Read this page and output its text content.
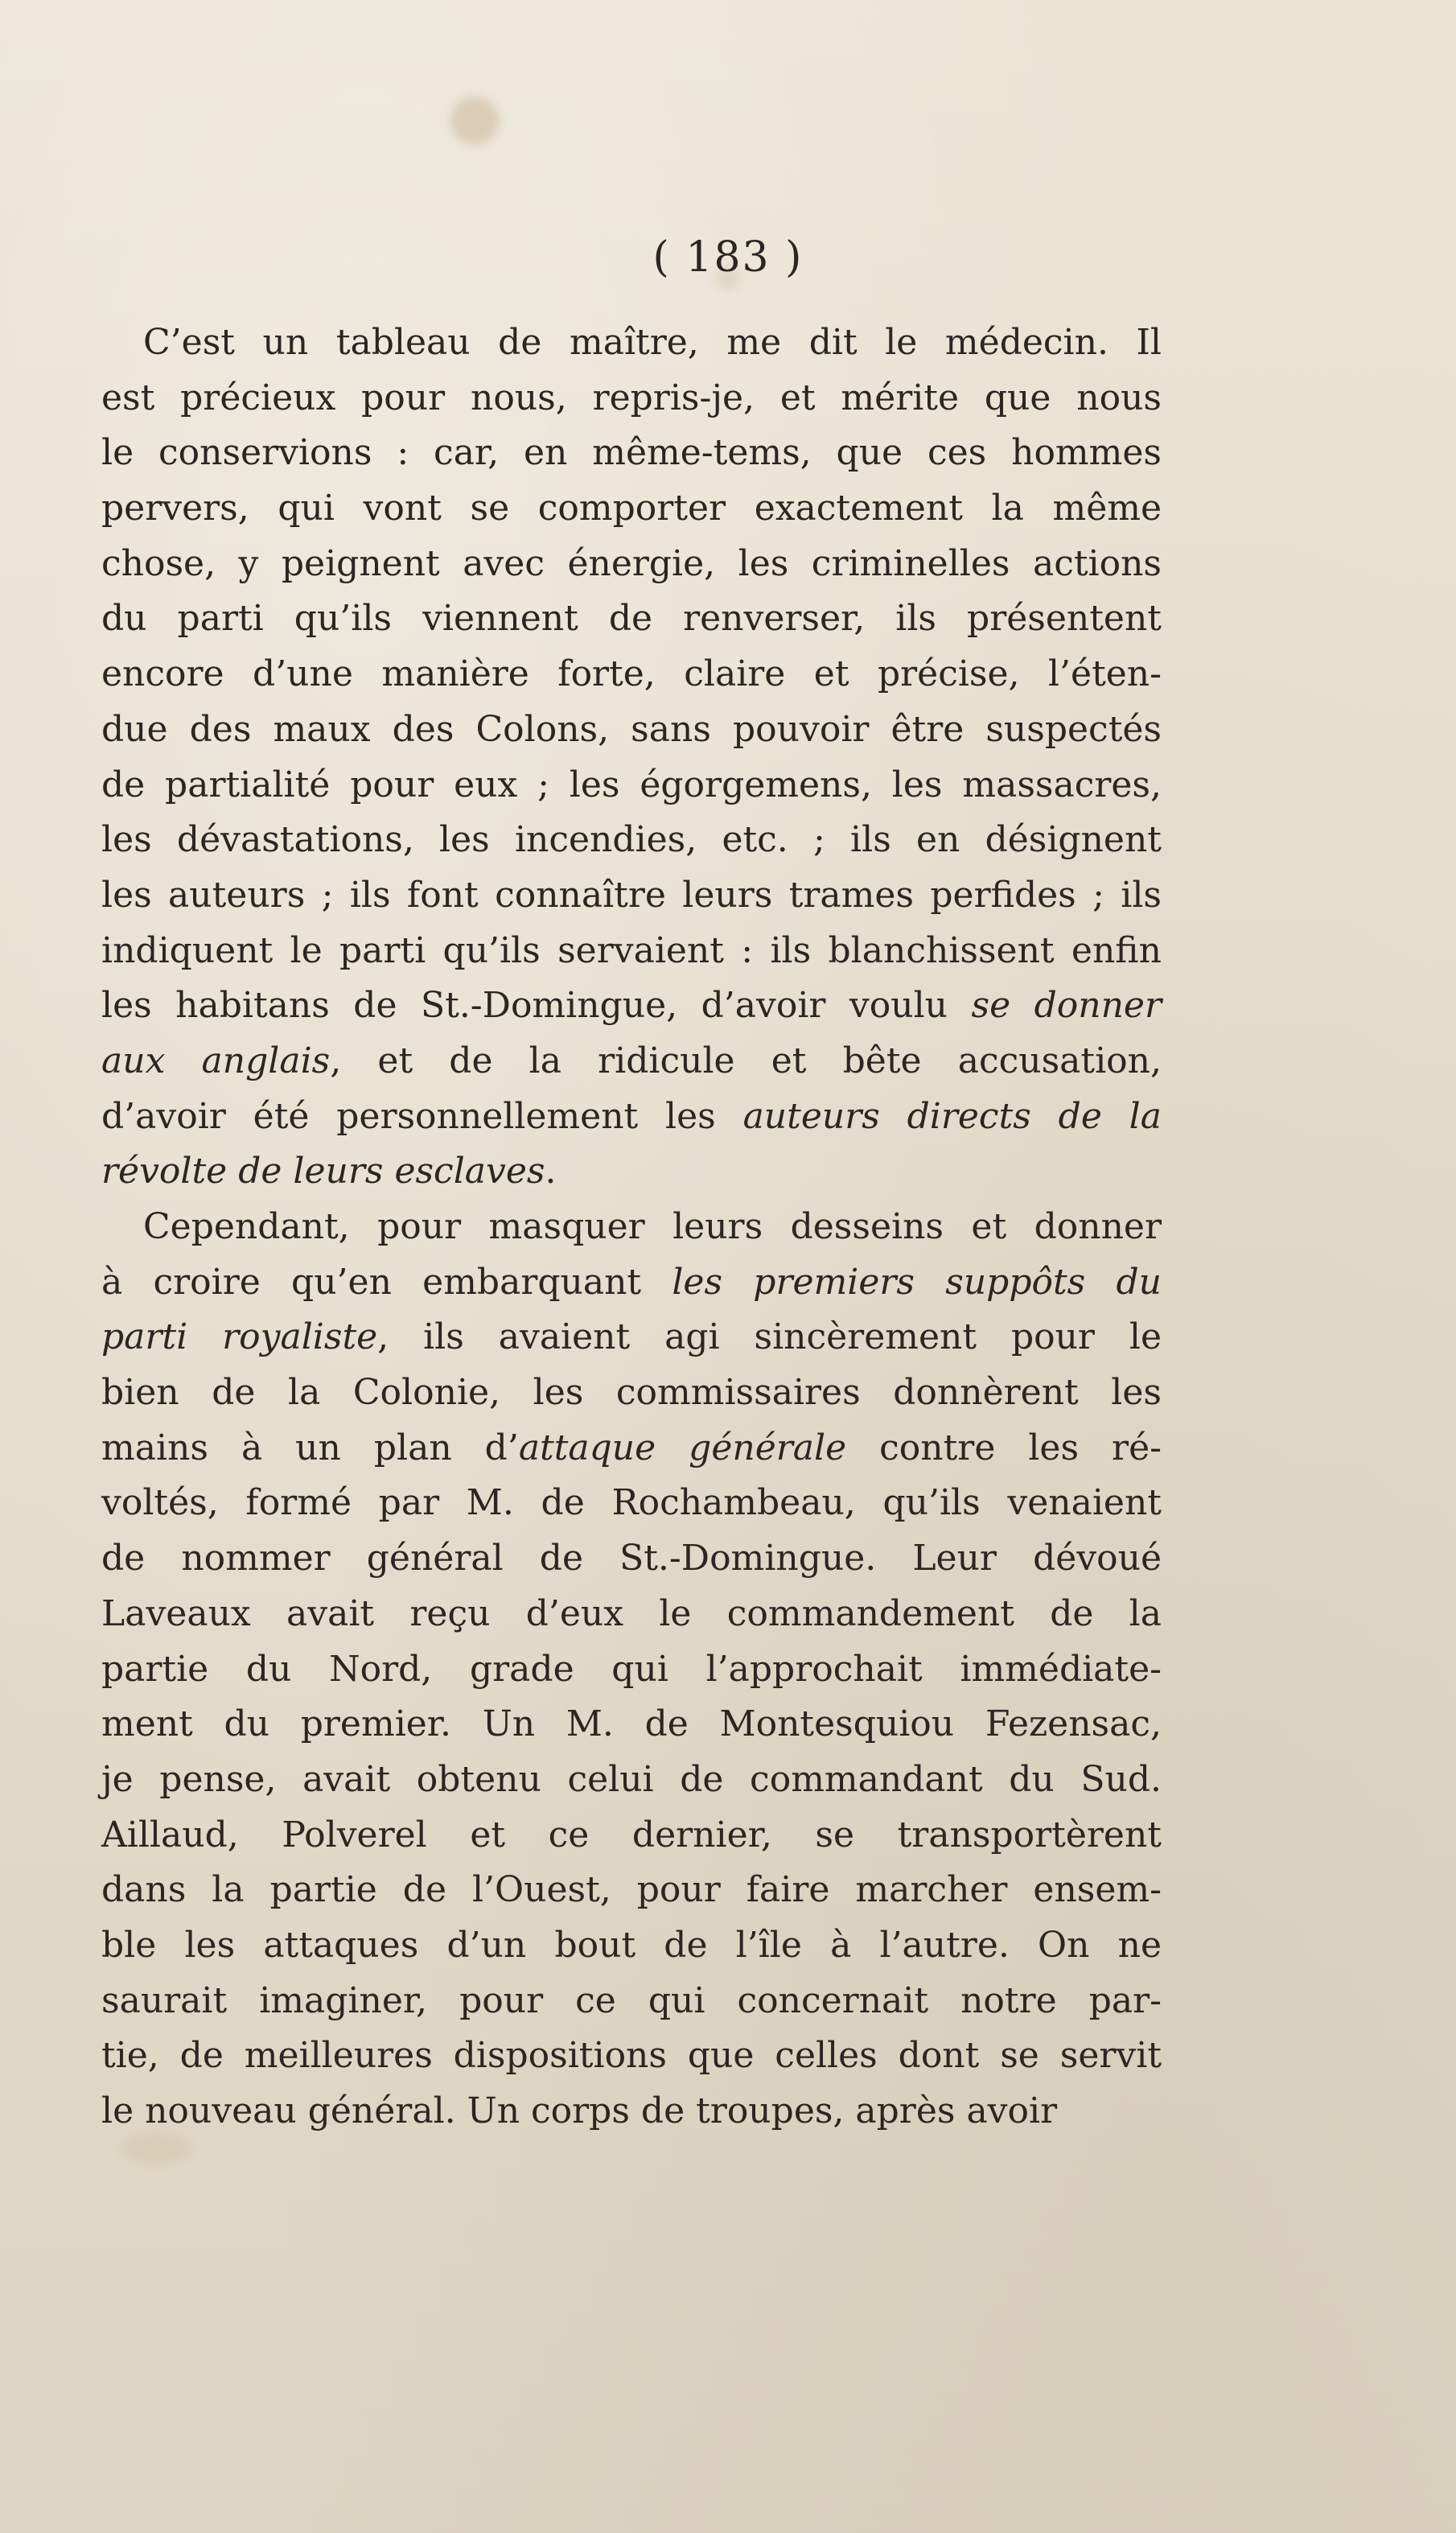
( 183 )
C’est un tableau de maître, me dit le médecin. Il
est précieux pour nous, repris-je, et mérite que nous
le conservions : car, en même-tems, que ces hommes
pervers, qui vont se comporter exactement la même
chose, y peignent avec énergie, les criminelles actions
du parti qu’ils viennent de renverser, ils présentent
encore d’une manière forte, claire et précise, l’éten-
due des maux des Colons, sans pouvoir être suspectés
de partialité pour eux ; les égorgemens, les massacres,
les dévastations, les incendies, etc. ; ils en désignent
les auteurs ; ils font connaître leurs trames perfides ; ils
indiquent le parti qu’ils servaient : ils blanchissent enfin
les habitans de St.-Domingue, d’avoir voulu se donner
aux anglais, et de la ridicule et bête accusation,
d’avoir été personnellement les auteurs directs de la
révolte de leurs esclaves.
Cependant, pour masquer leurs desseins et donner
à croire qu’en embarquant les premiers suppôts du
parti royaliste, ils avaient agi sincèrement pour le
bien de la Colonie, les commissaires donnèrent les
mains à un plan d’attaque générale contre les ré-
voltés, formé par M. de Rochambeau, qu’ils venaient
de nommer général de St.-Domingue. Leur dévoué
Laveaux avait reçu d’eux le commandement de la
partie du Nord, grade qui l’approchait immédiate-
ment du premier. Un M. de Montesquiou Fezensac,
je pense, avait obtenu celui de commandant du Sud.
Aillaud, Polverel et ce dernier, se transportèrent
dans la partie de l’Ouest, pour faire marcher ensem-
ble les attaques d’un bout de l’île à l’autre. On ne
saurait imaginer, pour ce qui concernait notre par-
tie, de meilleures dispositions que celles dont se servit
le nouveau général. Un corps de troupes, après avoir
